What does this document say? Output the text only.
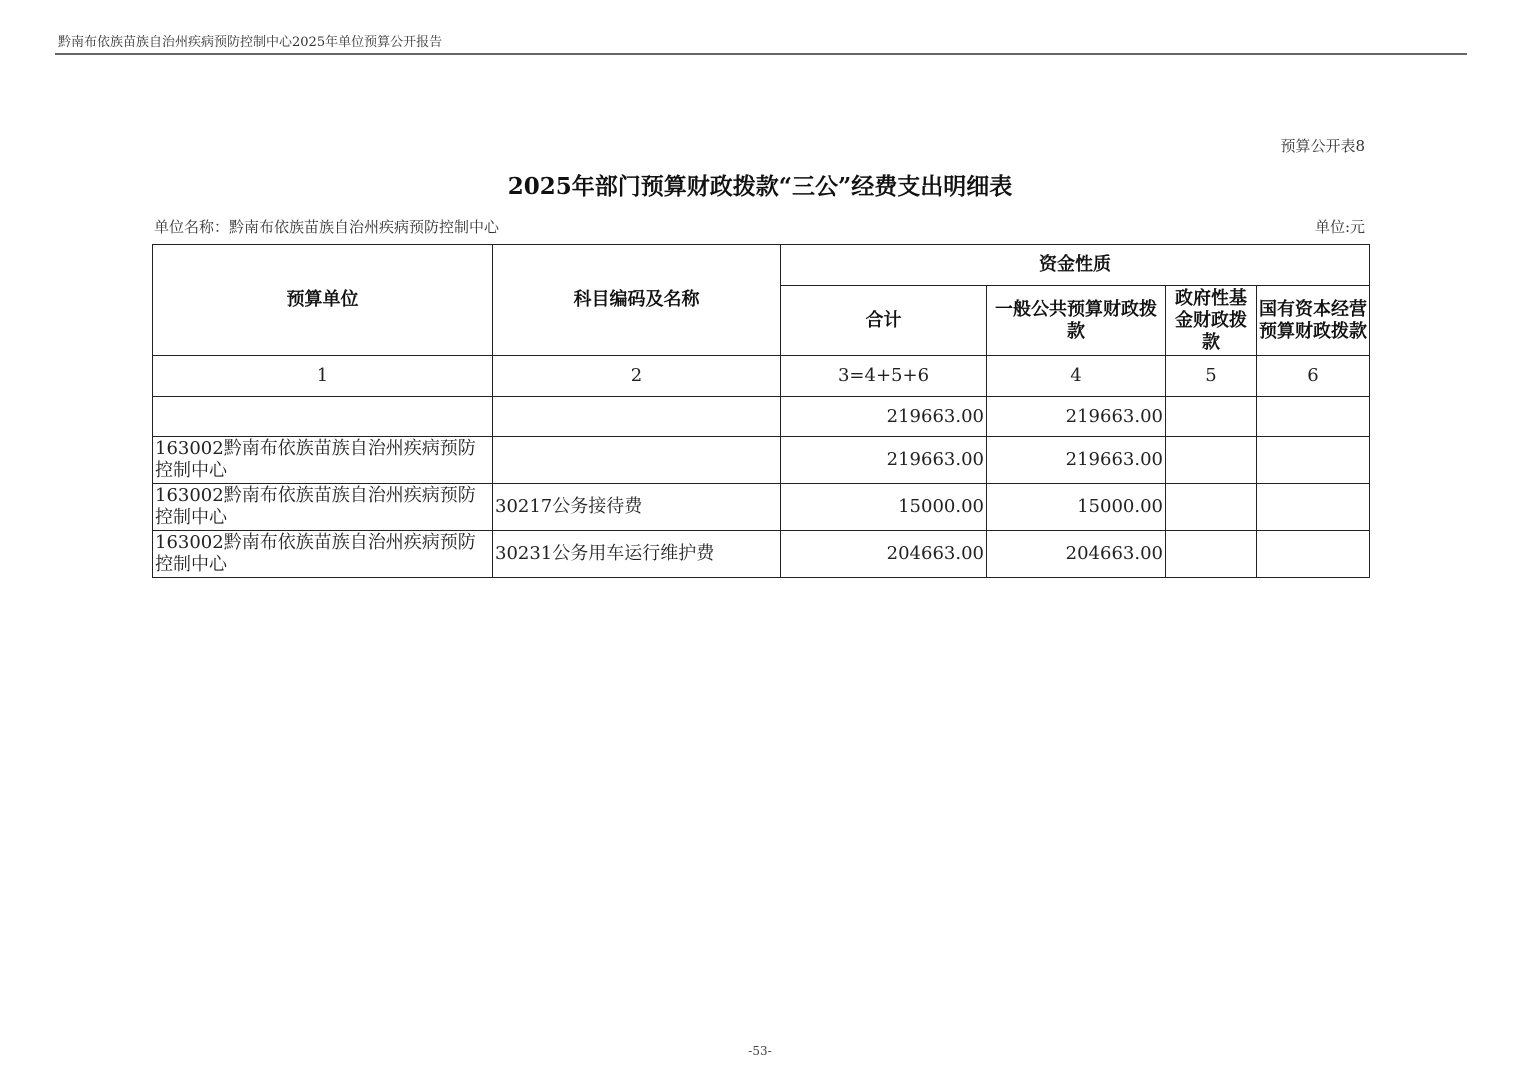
黔南布依族苗族自治州疾病预防控制中心2025年单位预算公开报告
预算公开表8
2025年部门预算财政拨款“三公”经费支出明细表
单位名称：黔南布依族苗族自治州疾病预防控制中心	单位:元
预算单位	科目编码及名称	资金性质			
		合计	一般公共预算财政拨款	政府性基金财政拨款	国有资本经营预算财政拨款
1	2	3=4+5+6	4	5	6
		219663.00	219663.00		
163002黔南布依族苗族自治州疾病预防控制中心		219663.00	219663.00		
163002黔南布依族苗族自治州疾病预防控制中心	30217公务接待费	15000.00	15000.00		
163002黔南布依族苗族自治州疾病预防控制中心	30231公务用车运行维护费	204663.00	204663.00		
-53-
